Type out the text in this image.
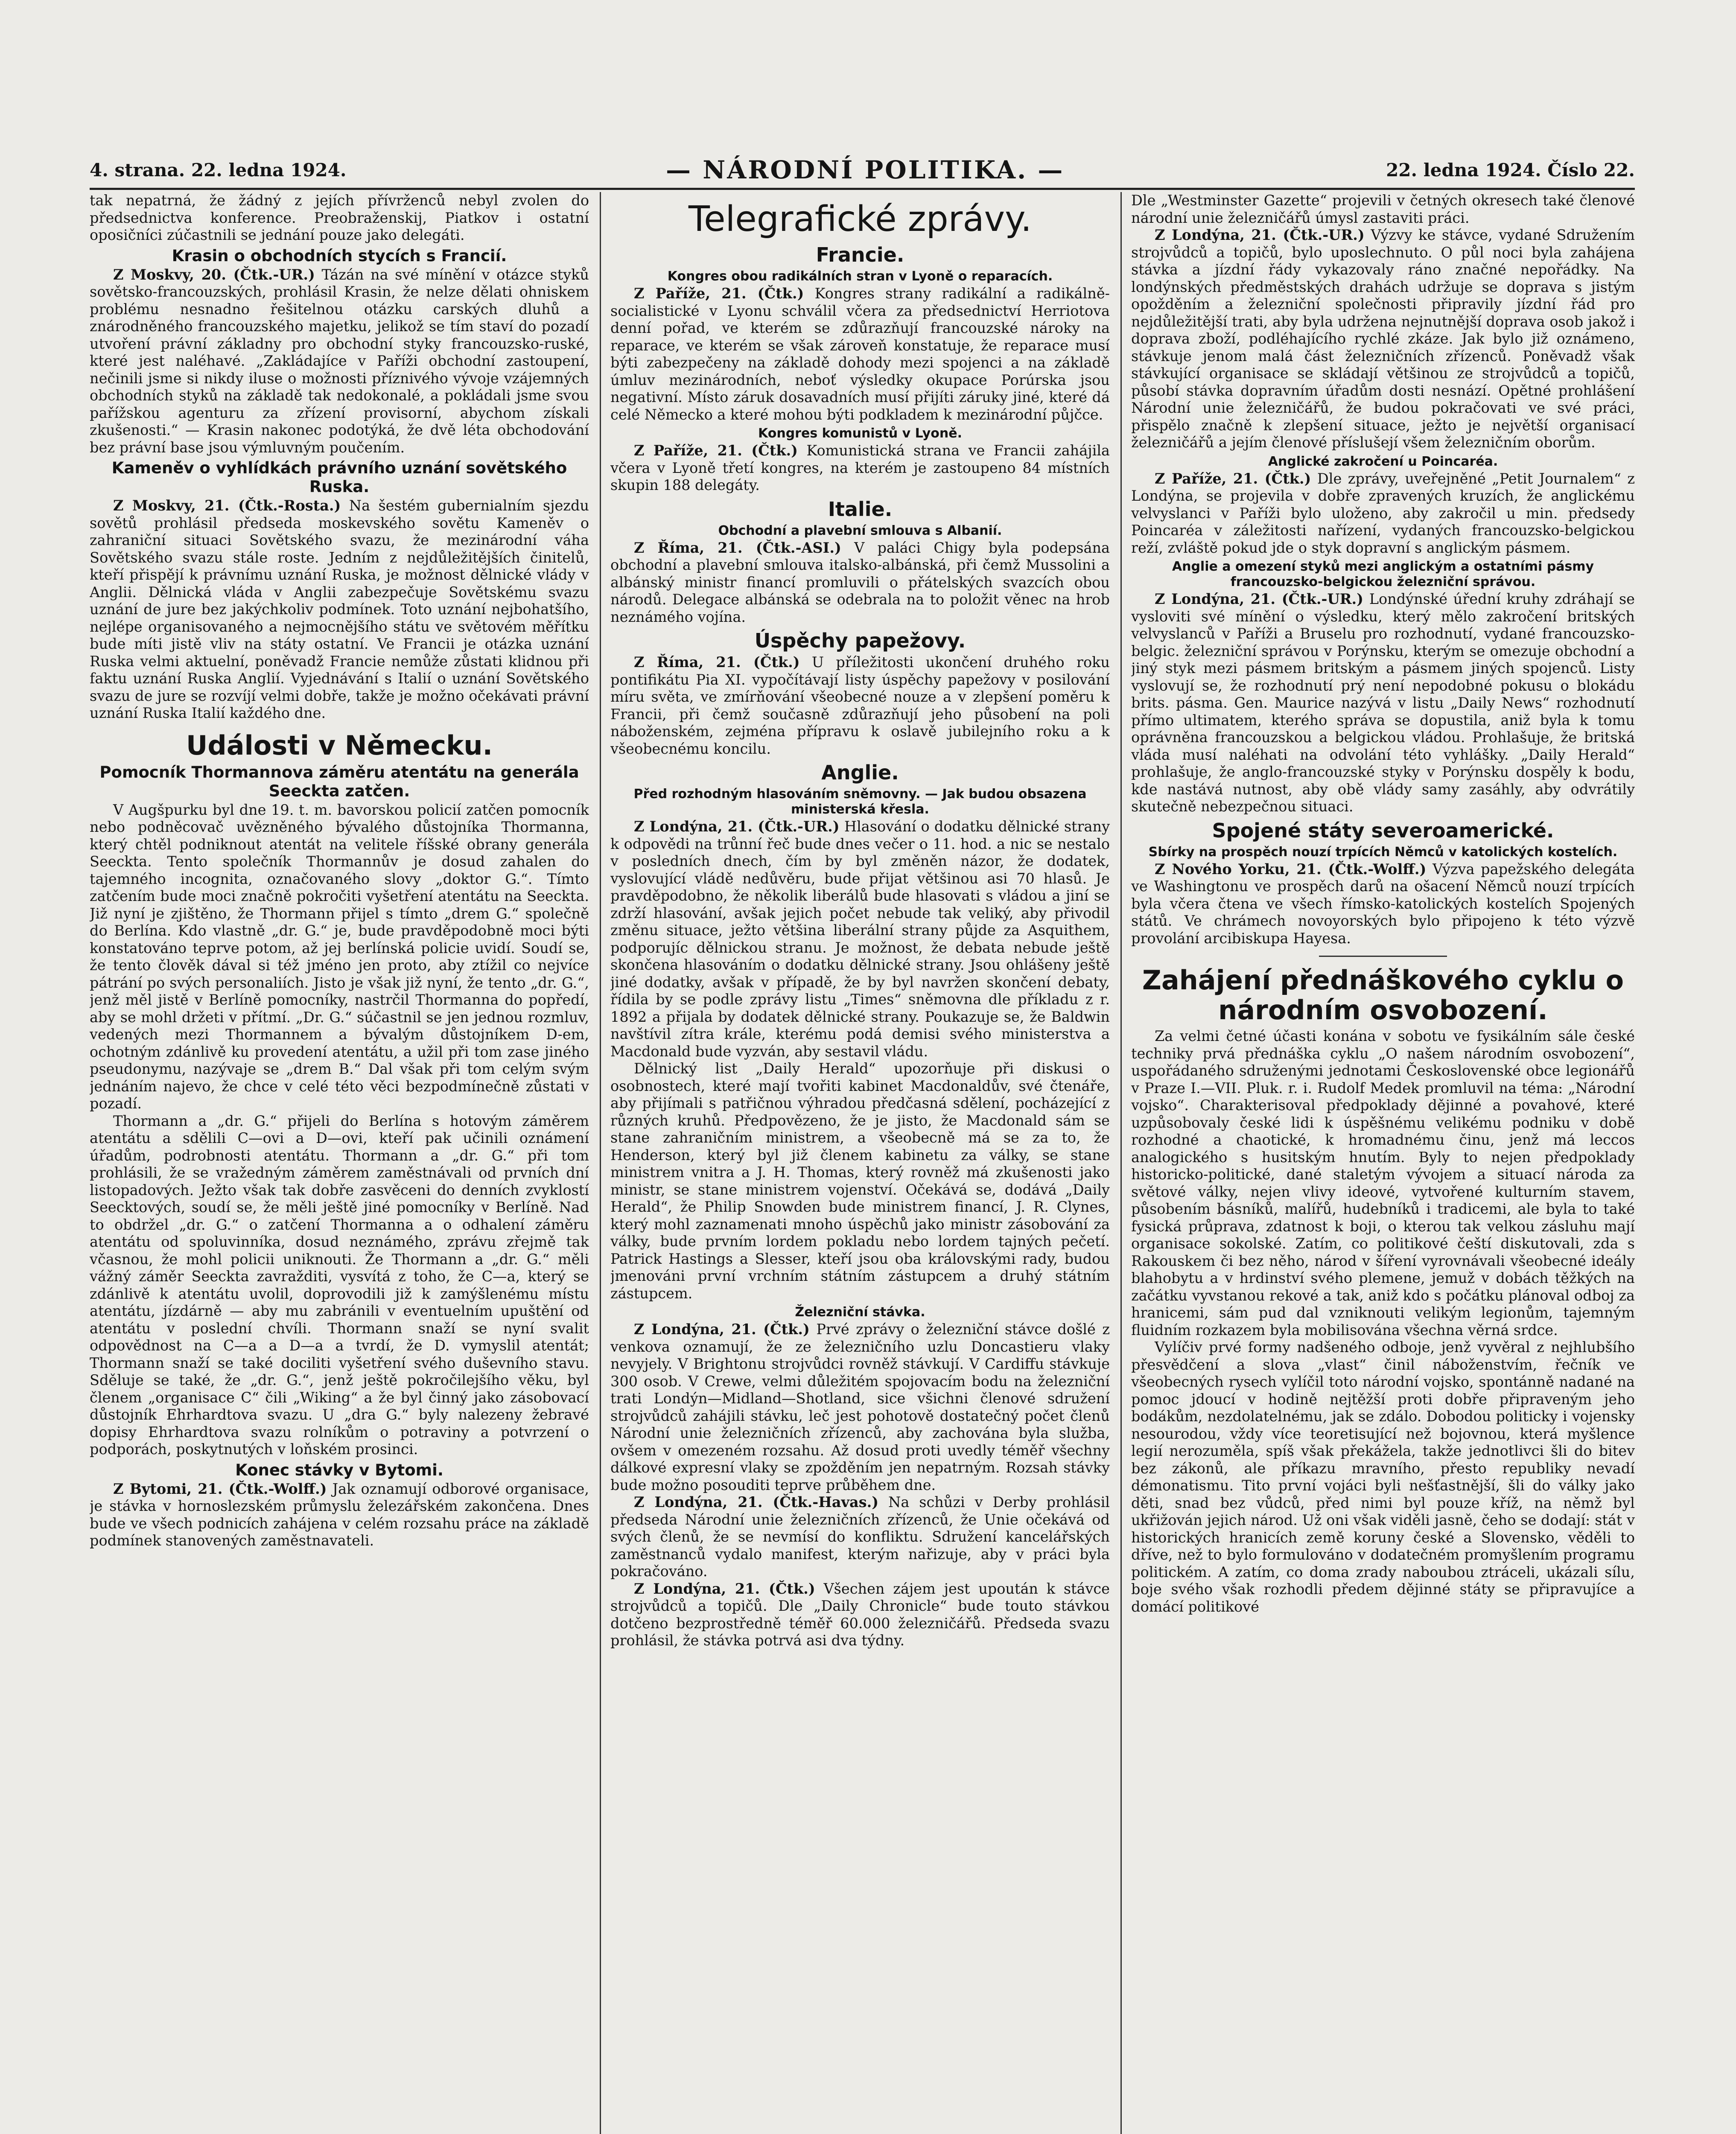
4. strana. 22. ledna 1924.	— NÁRODNÍ POLITIKA. —	22. ledna 1924. Číslo 22.

tak nepatrná, že žádný z jejích přívrženců nebyl zvolen do předsednictva konference. Preobraženskij, Piatkov i ostatní oposičníci zúčastnili se jednání pouze jako delegáti.

Krasin o obchodních stycích s Francií.

Z Moskvy, 20. (Čtk.-UR.) Tázán na své mínění v otázce styků sovětsko-francouzských, prohlásil Krasin, že nelze dělati ohniskem problému nesnadno řešitelnou otázku carských dluhů a znárodněného francouzského majetku, jelikož se tím staví do pozadí utvoření právní základny pro obchodní styky francouzsko-ruské, které jest naléhavé. „Zakládajíce v Paříži obchodní zastoupení, nečinili jsme si nikdy iluse o možnosti příznivého vývoje vzájemných obchodních styků na základě tak nedokonalé, a pokládali jsme svou pařížskou agenturu za zřízení provisorní, abychom získali zkušenosti.“ — Krasin nakonec podotýká, že dvě léta obchodování bez právní base jsou výmluvným poučením.

Kameněv o vyhlídkách právního uznání sovětského Ruska.

Z Moskvy, 21. (Čtk.-Rosta.) Na šestém gubernialním sjezdu sovětů prohlásil předseda moskevského sovětu Kameněv o zahraniční situaci Sovětského svazu, že mezinárodní váha Sovětského svazu stále roste. Jedním z nejdůležitějších činitelů, kteří přispějí k právnímu uznání Ruska, je možnost dělnické vlády v Anglii. Dělnická vláda v Anglii zabezpečuje Sovětskému svazu uznání de jure bez jakýchkoliv podmínek. Toto uznání nejbohatšího, nejlépe organisovaného a nejmocnějšího státu ve světovém měřítku bude míti jistě vliv na státy ostatní. Ve Francii je otázka uznání Ruska velmi aktuelní, poněvadž Francie nemůže zůstati klidnou při faktu uznání Ruska Anglií. Vyjednávání s Italií o uznání Sovětského svazu de jure se rozvíjí velmi dobře, takže je možno očekávati právní uznání Ruska Italií každého dne.

Události v Německu.
Pomocník Thormannova záměru atentátu na generála Seeckta zatčen.

V Augšpurku byl dne 19. t. m. bavorskou policií zatčen pomocník nebo podněcovač uvězněného bývalého důstojníka Thormanna, který chtěl podniknout atentát na velitele říšské obrany generála Seeckta. Tento společník Thormannův je dosud zahalen do tajemného incognita, označovaného slovy „doktor G.“. Tímto zatčením bude moci značně pokročiti vyšetření atentátu na Seeckta. Již nyní je zjištěno, že Thormann přijel s tímto „drem G.“ společně do Berlína. Kdo vlastně „dr. G.“ je, bude pravděpodobně moci býti konstatováno teprve potom, až jej berlínská policie uvidí. Soudí se, že tento člověk dával si též jméno jen proto, aby ztížil co nejvíce pátrání po svých personaliích. Jisto je však již nyní, že tento „dr. G.“, jenž měl jistě v Berlíně pomocníky, nastrčil Thormanna do popředí, aby se mohl držeti v přítmí. „Dr. G.“ súčastnil se jen jednou rozmluv, vedených mezi Thormannem a bývalým důstojníkem D-em, ochotným zdánlivě ku provedení atentátu, a užil při tom zase jiného pseudonymu, nazývaje se „drem B.“ Dal však při tom celým svým jednáním najevo, že chce v celé této věci bezpodmínečně zůstati v pozadí.

Thormann a „dr. G.“ přijeli do Berlína s hotovým záměrem atentátu a sdělili C—ovi a D—ovi, kteří pak učinili oznámení úřadům, podrobnosti atentátu. Thormann a „dr. G.“ při tom prohlásili, že se vražedným záměrem zaměstnávali od prvních dní listopadových. Ježto však tak dobře zasvěceni do denních zvyklostí Seecktových, soudí se, že měli ještě jiné pomocníky v Berlíně. Nad to obdržel „dr. G.“ o zatčení Thormanna a o odhalení záměru atentátu od spoluvinníka, dosud neznámého, zprávu zřejmě tak včasnou, že mohl policii uniknouti. Že Thormann a „dr. G.“ měli vážný záměr Seeckta zavražditi, vysvítá z toho, že C—a, který se zdánlivě k atentátu uvolil, doprovodili již k zamýšlenému místu atentátu, jízdárně — aby mu zabránili v eventuelním upuštění od atentátu v poslední chvíli. Thormann snaží se nyní svalit odpovědnost na C—a a D—a a tvrdí, že D. vymyslil atentát; Thormann snaží se také dociliti vyšetření svého duševního stavu. Sděluje se také, že „dr. G.“, jenž ještě pokročilejšího věku, byl členem „organisace C“ čili „Wiking“ a že byl činný jako zásobovací důstojník Ehrhardtova svazu. U „dra G.“ byly nalezeny žebravé dopisy Ehrhardtova svazu rolníkům o potraviny a potvrzení o podporách, poskytnutých v loňském prosinci.

Konec stávky v Bytomi.

Z Bytomi, 21. (Čtk.-Wolff.) Jak oznamují odborové organisace, je stávka v hornoslezském průmyslu železářském zakončena. Dnes bude ve všech podnicích zahájena v celém rozsahu práce na základě podmínek stanovených zaměstnavateli.

Telegrafické zprávy.
Francie.
Kongres obou radikálních stran v Lyoně o reparacích.

Z Paříže, 21. (Čtk.) Kongres strany radikální a radikálně-socialistické v Lyonu schválil včera za předsednictví Herriotova denní pořad, ve kterém se zdůrazňují francouzské nároky na reparace, ve kterém se však zároveň konstatuje, že reparace musí býti zabezpečeny na základě dohody mezi spojenci a na základě úmluv mezinárodních, neboť výsledky okupace Porúrska jsou negativní. Místo záruk dosavadních musí přijíti záruky jiné, které dá celé Německo a které mohou býti podkladem k mezinárodní půjčce.

Kongres komunistů v Lyoně.

Z Paříže, 21. (Čtk.) Komunistická strana ve Francii zahájila včera v Lyoně třetí kongres, na kterém je zastoupeno 84 místních skupin 188 delegáty.

Italie.
Obchodní a plavební smlouva s Albanií.

Z Říma, 21. (Čtk.-ASI.) V paláci Chigy byla podepsána obchodní a plavební smlouva italsko-albánská, při čemž Mussolini a albánský ministr financí promluvili o přátelských svazcích obou národů. Delegace albánská se odebrala na to položit věnec na hrob neznámého vojína.

Úspěchy papežovy.

Z Říma, 21. (Čtk.) U příležitosti ukončení druhého roku pontifikátu Pia XI. vypočítávají listy úspěchy papežovy v posilování míru světa, ve zmírňování všeobecné nouze a v zlepšení poměru k Francii, při čemž současně zdůrazňují jeho působení na poli náboženském, zejména přípravu k oslavě jubilejního roku a k všeobecnému koncilu.

Anglie.
Před rozhodným hlasováním sněmovny. — Jak budou obsazena ministerská křesla.

Z Londýna, 21. (Čtk.-UR.) Hlasování o dodatku dělnické strany k odpovědi na trůnní řeč bude dnes večer o 11. hod. a nic se nestalo v posledních dnech, čím by byl změněn názor, že dodatek, vyslovující vládě nedůvěru, bude přijat většinou asi 70 hlasů. Je pravděpodobno, že několik liberálů bude hlasovati s vládou a jiní se zdrží hlasování, avšak jejich počet nebude tak veliký, aby přivodil změnu situace, ježto většina liberální strany půjde za Asquithem, podporujíc dělnickou stranu. Je možnost, že debata nebude ještě skončena hlasováním o dodatku dělnické strany. Jsou ohlášeny ještě jiné dodatky, avšak v případě, že by byl navržen skončení debaty, řídila by se podle zprávy listu „Times“ sněmovna dle příkladu z r. 1892 a přijala by dodatek dělnické strany. Poukazuje se, že Baldwin navštívil zítra krále, kterému podá demisi svého ministerstva a Macdonald bude vyzván, aby sestavil vládu.

Dělnický list „Daily Herald“ upozorňuje při diskusi o osobnostech, které mají tvořiti kabinet Macdonaldův, své čtenáře, aby přijímali s patřičnou výhradou předčasná sdělení, pocházející z různých kruhů. Předpovězeno, že je jisto, že Macdonald sám se stane zahraničním ministrem, a všeobecně má se za to, že Henderson, který byl již členem kabinetu za války, se stane ministrem vnitra a J. H. Thomas, který rovněž má zkušenosti jako ministr, se stane ministrem vojenství. Očekává se, dodává „Daily Herald“, že Philip Snowden bude ministrem financí, J. R. Clynes, který mohl zaznamenati mnoho úspěchů jako ministr zásobování za války, bude prvním lordem pokladu nebo lordem tajných pečetí. Patrick Hastings a Slesser, kteří jsou oba královskými rady, budou jmenováni první vrchním státním zástupcem a druhý státním zástupcem.

Železniční stávka.

Z Londýna, 21. (Čtk.) Prvé zprávy o železniční stávce došlé z venkova oznamují, že ze železničního uzlu Doncastieru vlaky nevyjely. V Brightonu strojvůdci rovněž stávkují. V Cardiffu stávkuje 300 osob. V Crewe, velmi důležitém spojovacím bodu na železniční trati Londýn—Midland—Shotland, sice všichni členové sdružení strojvůdců zahájili stávku, leč jest pohotově dostatečný počet členů Národní unie železničních zřízenců, aby zachována byla služba, ovšem v omezeném rozsahu. Až dosud proti uvedly téměř všechny dálkové expresní vlaky se zpožděním jen nepatrným. Rozsah stávky bude možno posouditi teprve průběhem dne.

Z Londýna, 21. (Čtk.-Havas.) Na schůzi v Derby prohlásil předseda Národní unie železničních zřízenců, že Unie očekává od svých členů, že se nevmísí do konfliktu. Sdružení kancelářských zaměstnanců vydalo manifest, kterým nařizuje, aby v práci byla pokračováno.

Z Londýna, 21. (Čtk.) Všechen zájem jest upoután k stávce strojvůdců a topičů. Dle „Daily Chronicle“ bude touto stávkou dotčeno bezprostředně téměř 60.000 železničářů. Předseda svazu prohlásil, že stávka potrvá asi dva týdny.

Dle „Westminster Gazette“ projevili v četných okresech také členové národní unie železničářů úmysl zastaviti práci.

Z Londýna, 21. (Čtk.-UR.) Výzvy ke stávce, vydané Sdružením strojvůdců a topičů, bylo uposlechnuto. O půl noci byla zahájena stávka a jízdní řády vykazovaly ráno značné nepořádky. Na londýnských předměstských drahách udržuje se doprava s jistým opožděním a železniční společnosti připravily jízdní řád pro nejdůležitější trati, aby byla udržena nejnutnější doprava osob jakož i doprava zboží, podléhajícího rychlé zkáze. Jak bylo již oznámeno, stávkuje jenom malá část železničních zřízenců. Poněvadž však stávkující organisace se skládají většinou ze strojvůdců a topičů, působí stávka dopravním úřadům dosti nesnází. Opětné prohlášení Národní unie železničářů, že budou pokračovati ve své práci, přispělo značně k zlepšení situace, ježto je největší organisací železničářů a jejím členové příslušejí všem železničním oborům.

Anglické zakročení u Poincaréa.

Z Paříže, 21. (Čtk.) Dle zprávy, uveřejněné „Petit Journalem“ z Londýna, se projevila v dobře zpravených kruzích, že anglickému velvyslanci v Paříži bylo uloženo, aby zakročil u min. předsedy Poincaréa v záležitosti nařízení, vydaných francouzsko-belgickou reží, zvláště pokud jde o styk dopravní s anglickým pásmem.

Anglie a omezení styků mezi anglickým a ostatními pásmy francouzsko-belgickou železniční správou.

Z Londýna, 21. (Čtk.-UR.) Londýnské úřední kruhy zdráhají se vysloviti své mínění o výsledku, který mělo zakročení britských velvyslanců v Paříži a Bruselu pro rozhodnutí, vydané francouzsko-belgic. železniční správou v Porýnsku, kterým se omezuje obchodní a jiný styk mezi pásmem britským a pásmem jiných spojenců. Listy vyslovují se, že rozhodnutí prý není nepodobné pokusu o blokádu brits. pásma. Gen. Maurice nazývá v listu „Daily News“ rozhodnutí přímo ultimatem, kterého správa se dopustila, aniž byla k tomu oprávněna francouzskou a belgickou vládou. Prohlašuje, že britská vláda musí naléhati na odvolání této vyhlášky. „Daily Herald“ prohlašuje, že anglo-francouzské styky v Porýnsku dospěly k bodu, kde nastává nutnost, aby obě vlády samy zasáhly, aby odvrátily skutečně nebezpečnou situaci.

Spojené státy severoamerické.
Sbírky na prospěch nouzí trpících Němců v katolických kostelích.

Z Nového Yorku, 21. (Čtk.-Wolff.) Výzva papežského delegáta ve Washingtonu ve prospěch darů na ošacení Němců nouzí trpících byla včera čtena ve všech římsko-katolických kostelích Spojených států. Ve chrámech novoyorských bylo připojeno k této výzvě provolání arcibiskupa Hayesa.

Zahájení přednáškového cyklu o národním osvobození.

Za velmi četné účasti konána v sobotu ve fysikálním sále české techniky prvá přednáška cyklu „O našem národním osvobození“, uspořádaného sdruženými jednotami Československé obce legionářů v Praze I.—VII. Pluk. r. i. Rudolf Medek promluvil na téma: „Národní vojsko“. Charakterisoval předpoklady dějinné a povahové, které uzpůsobovaly české lidi k úspěšnému velikému podniku v době rozhodné a chaotické, k hromadnému činu, jenž má leccos analogického s husitským hnutím. Byly to nejen předpoklady historicko-politické, dané staletým vývojem a situací národa za světové války, nejen vlivy ideové, vytvořené kulturním stavem, působením básníků, malířů, hudebníků i tradicemi, ale byla to také fysická průprava, zdatnost k boji, o kterou tak velkou zásluhu mají organisace sokolské. Zatím, co politikové čeští diskutovali, zda s Rakouskem či bez něho, národ v šíření vyrovnávali všeobecné ideály blahobytu a v hrdinství svého plemene, jemuž v dobách těžkých na začátku vyvstanou rekové a tak, aniž kdo s počátku plánoval odboj za hranicemi, sám pud dal vzniknouti velikým legionům, tajemným fluidním rozkazem byla mobilisována všechna věrná srdce.

Vylíčiv prvé formy nadšeného odboje, jenž vyvěral z nejhlubšího přesvědčení a slova „vlast“ činil náboženstvím, řečník ve všeobecných rysech vylíčil toto národní vojsko, spontánně nadané na pomoc jdoucí v hodině nejtěžší proti dobře připraveným jeho bodákům, nezdolatelnému, jak se zdálo. Dobodou politicky i vojensky nesourodou, vždy více teoretisující než bojovnou, která myšlence legií nerozuměla, spíš však překážela, takže jednotlivci šli do bitev bez zákonů, ale příkazu mravního, přesto republiky nevadí démonatismu. Tito první vojáci byli nešťastnější, šli do války jako děti, snad bez vůdců, před nimi byl pouze kříž, na němž byl ukřižován jejich národ. Už oni však viděli jasně, čeho se dodají: stát v historických hranicích země koruny české a Slovensko, věděli to dříve, než to bylo formulováno v dodatečném promyšlením programu politickém. A zatím, co doma zrady naboubou ztráceli, ukázali sílu, boje svého však rozhodli předem dějinné státy se připravujíce a domácí politikové
